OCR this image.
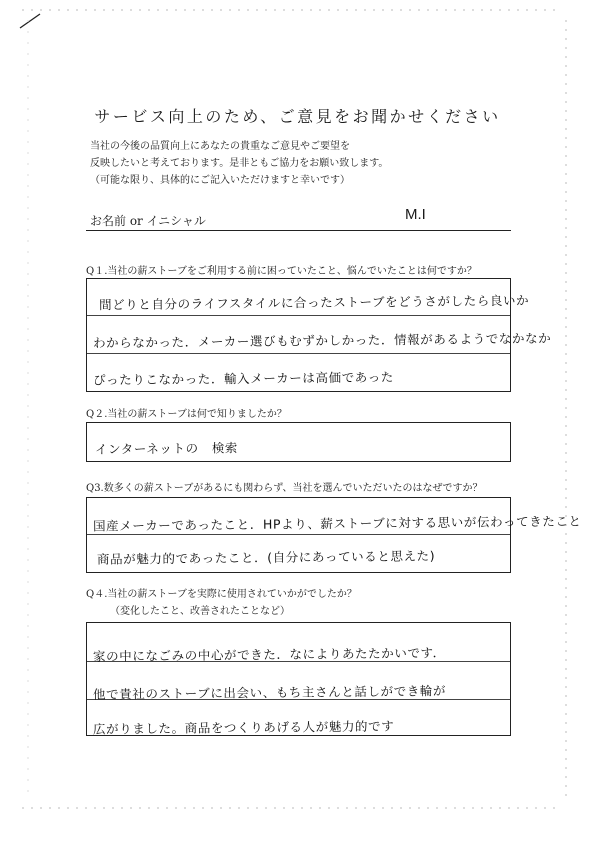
サービス向上のため、ご意見をお聞かせください
当社の今後の品質向上にあなたの貴重なご意見やご要望を
反映したいと考えております。是非ともご協力をお願い致します。
（可能な限り、具体的にご記入いただけますと幸いです）
お名前 or イニシャル	M.I
Q１.当社の薪ストーブをご利用する前に困っていたこと、悩んでいたことは何ですか？
間どりと自分のライフスタイルに合ったストーブをどうさがしたら良いか
わからなかった．メーカー選びもむずかしかった．情報があるようでなかなか
ぴったりこなかった．輸入メーカーは高価であった
Q２.当社の薪ストーブは何で知りましたか？
インターネットの　検索
Q3.数多くの薪ストーブがあるにも関わらず、当社を選んでいただいたのはなぜですか？
国産メーカーであったこと．HPより、薪ストーブに対する思いが伝わってきたこと
商品が魅力的であったこと．(自分にあっていると思えた)
Q４.当社の薪ストーブを実際に使用されていかがでしたか？
（変化したこと、改善されたことなど）
家の中になごみの中心ができた．なによりあたたかいです．
他で貴社のストーブに出会い、もち主さんと話しができ輪が
広がりました。商品をつくりあげる人が魅力的です
